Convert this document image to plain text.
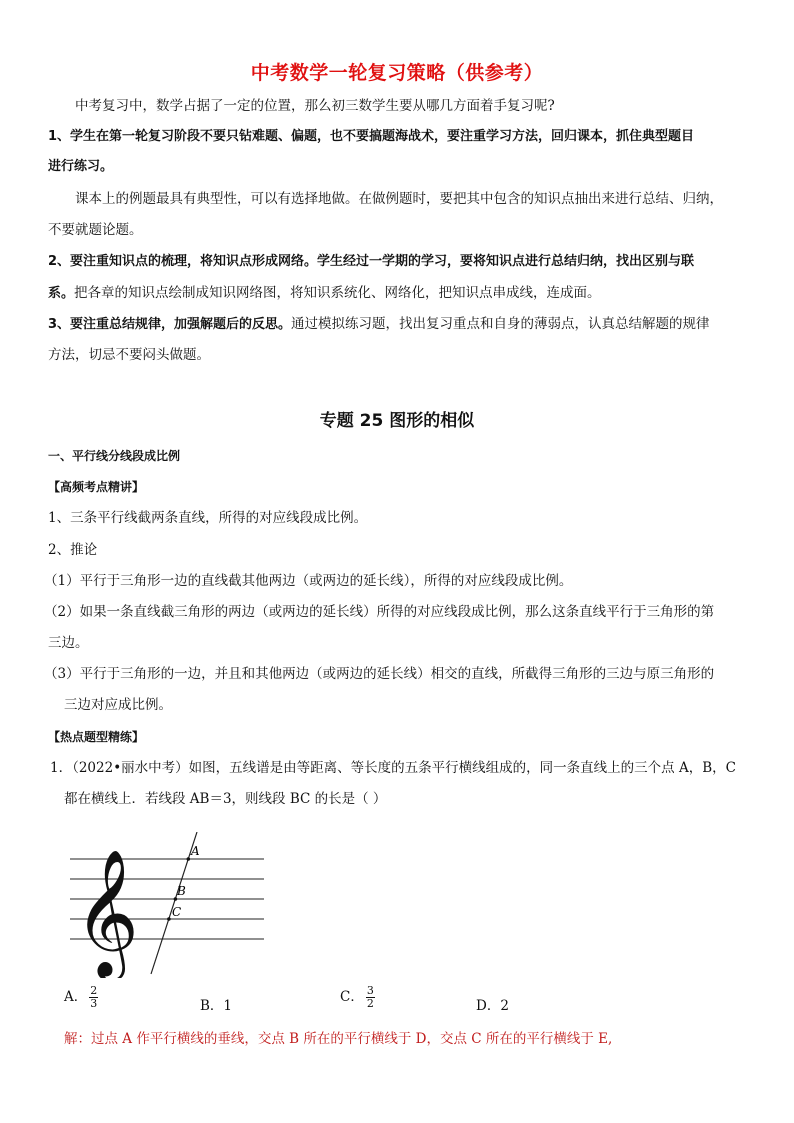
中考数学一轮复习策略（供参考）
中考复习中，数学占据了一定的位置，那么初三数学生要从哪几方面着手复习呢?
1、学生在第一轮复习阶段不要只钻难题、偏题，也不要搞题海战术，要注重学习方法，回归课本，抓住典型题目
进行练习。
课本上的例题最具有典型性，可以有选择地做。在做例题时，要把其中包含的知识点抽出来进行总结、归纳，
不要就题论题。
2、要注重知识点的梳理，将知识点形成网络。学生经过一学期的学习，要将知识点进行总结归纳，找出区别与联
系。把各章的知识点绘制成知识网络图，将知识系统化、网络化，把知识点串成线，连成面。
3、要注重总结规律，加强解题后的反思。通过模拟练习题，找出复习重点和自身的薄弱点，认真总结解题的规律
方法，切忌不要闷头做题。
专题 25 图形的相似
一、平行线分线段成比例
【高频考点精讲】
1、三条平行线截两条直线，所得的对应线段成比例。
2、推论
（1）平行于三角形一边的直线截其他两边（或两边的延长线），所得的对应线段成比例。
（2）如果一条直线截三角形的两边（或两边的延长线）所得的对应线段成比例，那么这条直线平行于三角形的第
三边。
（3）平行于三角形的一边，并且和其他两边（或两边的延长线）相交的直线，所截得三角形的三边与原三角形的
三边对应成比例。
【热点题型精练】
1．（2022•丽水中考）如图，五线谱是由等距离、等长度的五条平行横线组成的，同一条直线上的三个点 A，B，C
都在横线上．若线段 AB＝3，则线段 BC 的长是（ ）
𝄞	A
B
C
A． $\frac{2}{3}$	B．1
C． $\frac{3}{2}$	D．2
解：过点 A 作平行横线的垂线，交点 B 所在的平行横线于 D，交点 C 所在的平行横线于 E,
